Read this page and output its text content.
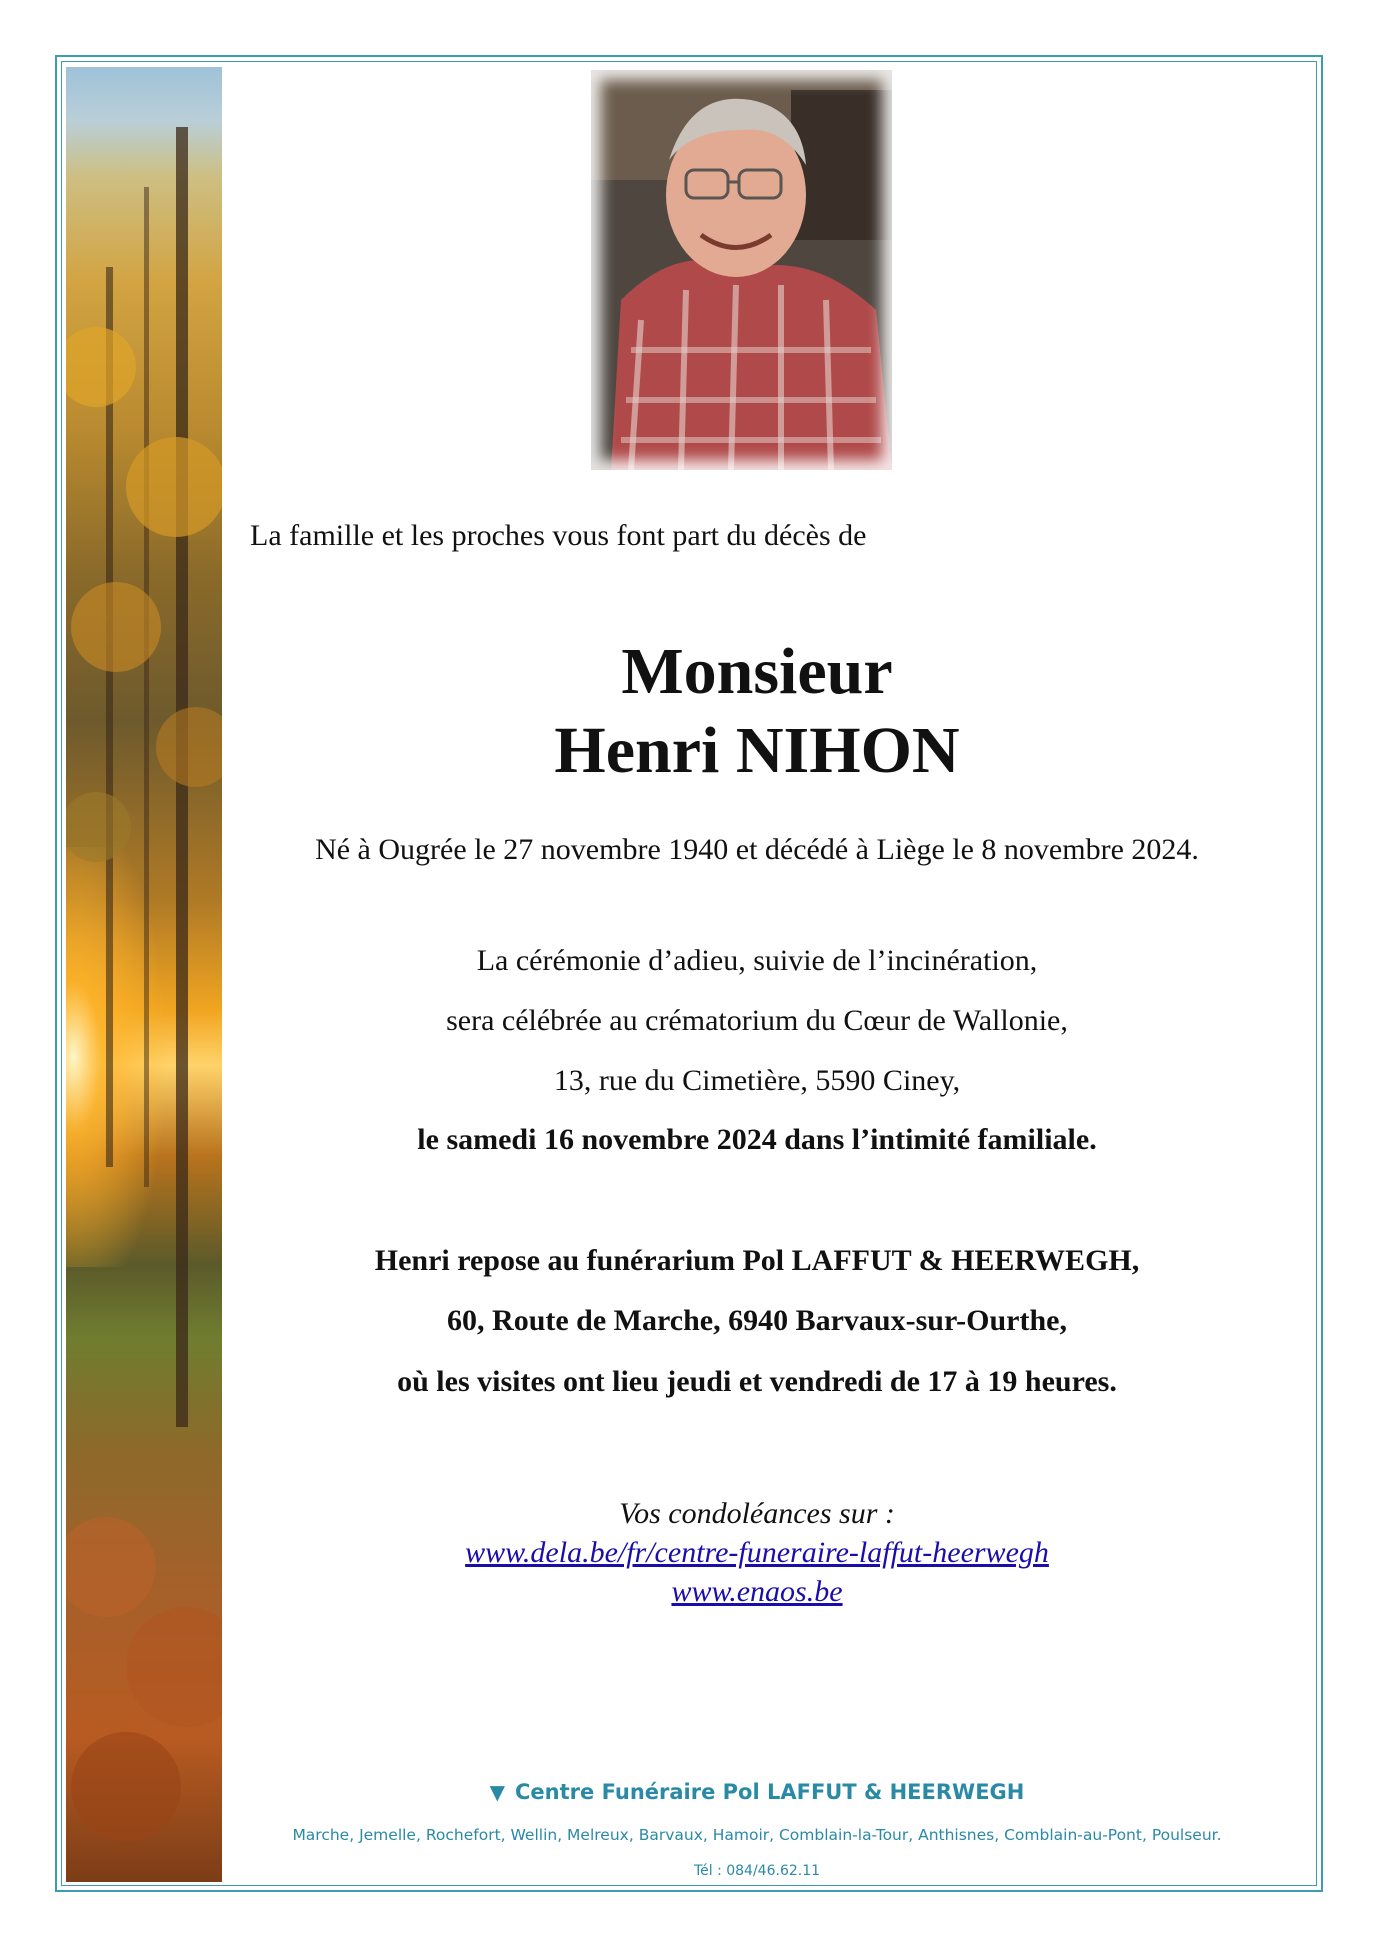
La famille et les proches vous font part du décès de
Monsieur
Henri NIHON
Né à Ougrée le 27 novembre 1940 et décédé à Liège le 8 novembre 2024.
La cérémonie d’adieu, suivie de l’incinération,
sera célébrée au crématorium du Cœur de Wallonie,
13, rue du Cimetière, 5590 Ciney,
le samedi 16 novembre 2024 dans l’intimité familiale.
Henri repose au funérarium Pol LAFFUT & HEERWEGH,
60, Route de Marche, 6940 Barvaux-sur-Ourthe,
où les visites ont lieu jeudi et vendredi de 17 à 19 heures.
Vos condoléances sur :
www.dela.be/fr/centre-funeraire-laffut-heerwegh
www.enaos.be
▼ Centre Funéraire Pol LAFFUT & HEERWEGH
Marche, Jemelle, Rochefort, Wellin, Melreux, Barvaux, Hamoir, Comblain-la-Tour, Anthisnes, Comblain-au-Pont, Poulseur.
Tél : 084/46.62.11
